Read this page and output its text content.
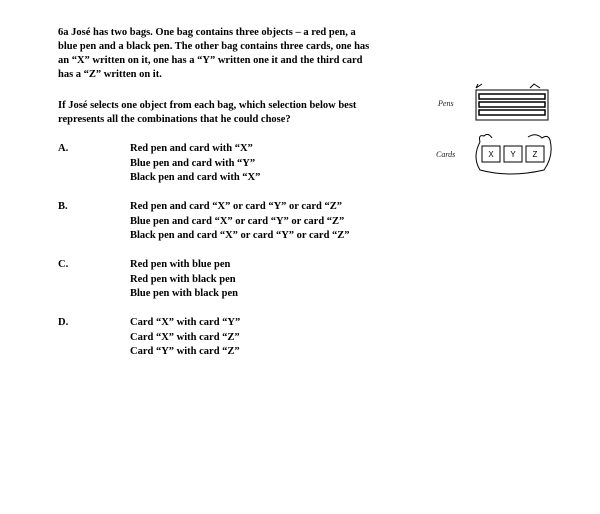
6a José has two bags. One bag contains three objects – a red pen, a
blue pen and a black pen. The other bag contains three cards, one has
an “X” written on it, one has a “Y” written one it and the third card
has a “Z” written on it.

If José selects one object from each bag, which selection below best
represents all the combinations that he could chose?

A.	Red pen and card with “X”
Blue pen and card with “Y”
Black pen and card with “X”
B.	Red pen and card “X” or card “Y” or card “Z”
Blue pen and card “X” or card “Y” or card “Z”
Black pen and card “X” or card “Y” or card “Z”
C.	Red pen with blue pen
Red pen with black pen
Blue pen with black pen
D.	Card “X” with card “Y”
Card “X” with card “Z”
Card “Y” with card “Z”
Pens
Cards	X Y Z
